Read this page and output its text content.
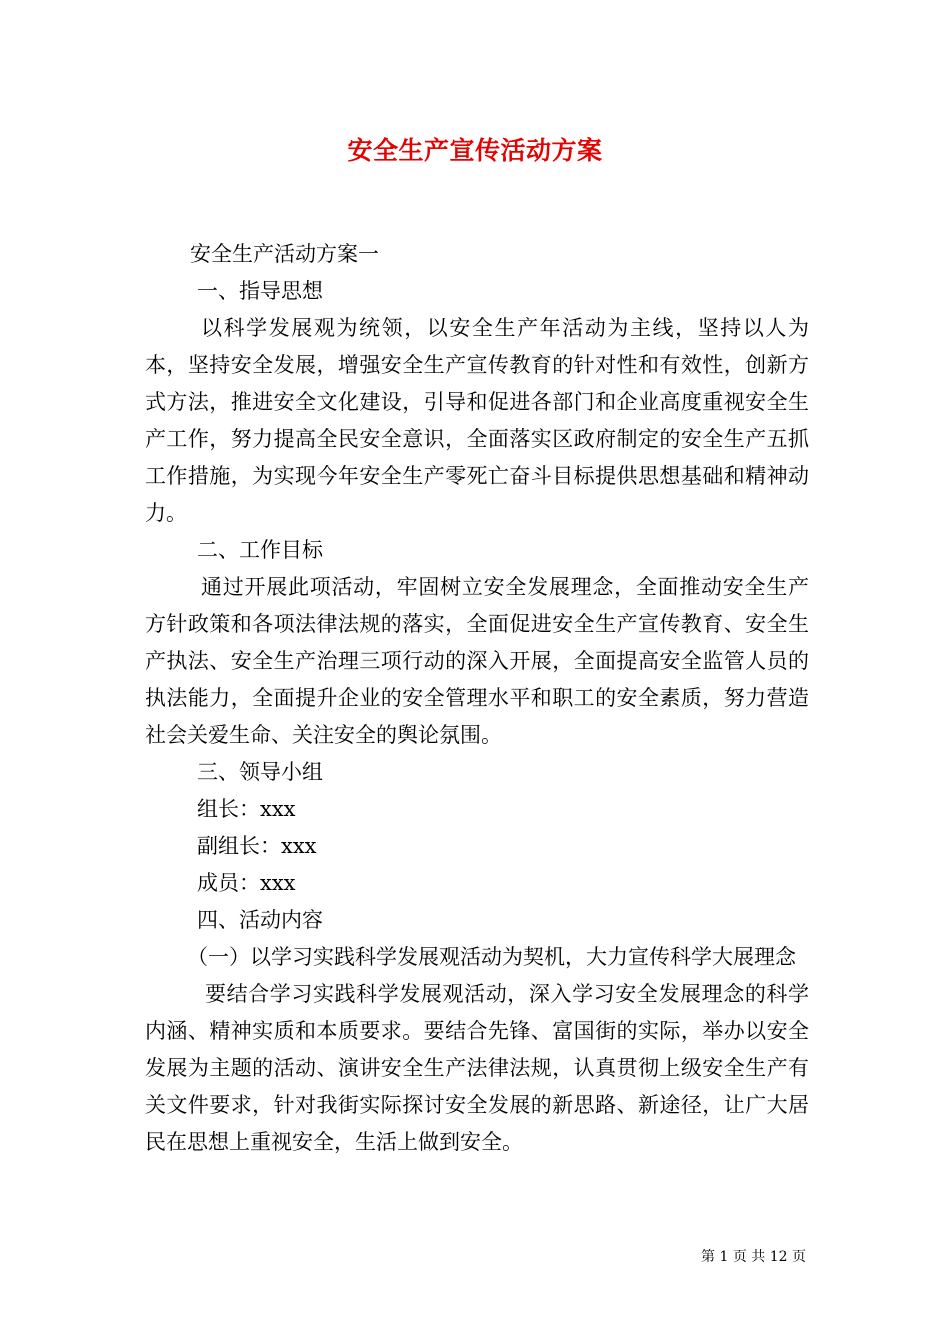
安全生产宣传活动方案

安全生产活动方案一

一、指导思想

以科学发展观为统领，以安全生产年活动为主线，坚持以人为本，坚持安全发展，增强安全生产宣传教育的针对性和有效性，创新方式方法，推进安全文化建设，引导和促进各部门和企业高度重视安全生产工作，努力提高全民安全意识，全面落实区政府制定的安全生产五抓工作措施，为实现今年安全生产零死亡奋斗目标提供思想基础和精神动力。

二、工作目标

通过开展此项活动，牢固树立安全发展理念，全面推动安全生产方针政策和各项法律法规的落实，全面促进安全生产宣传教育、安全生产执法、安全生产治理三项行动的深入开展，全面提高安全监管人员的执法能力，全面提升企业的安全管理水平和职工的安全素质，努力营造社会关爱生命、关注安全的舆论氛围。

三、领导小组

组长：xxx

副组长：xxx

成员：xxx

四、活动内容

（一）以学习实践科学发展观活动为契机，大力宣传科学大展理念

要结合学习实践科学发展观活动，深入学习安全发展理念的科学内涵、精神实质和本质要求。要结合先锋、富国街的实际，举办以安全发展为主题的活动、演讲安全生产法律法规，认真贯彻上级安全生产有关文件要求，针对我街实际探讨安全发展的新思路、新途径，让广大居民在思想上重视安全，生活上做到安全。

第 1 页 共 12 页
